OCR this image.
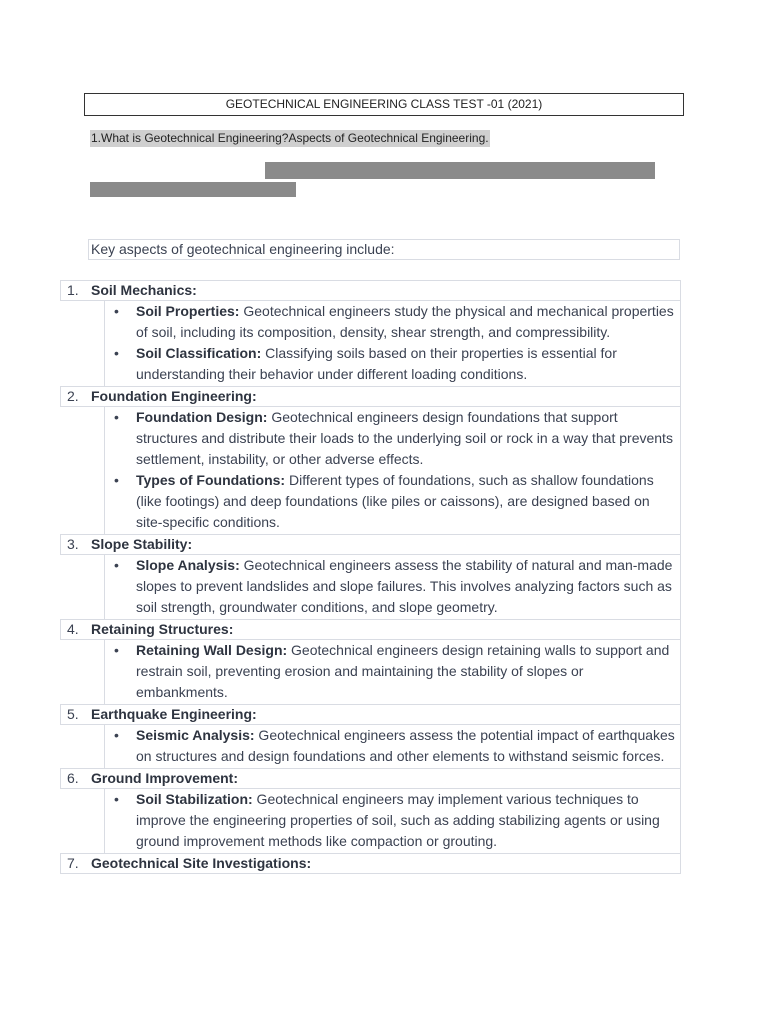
GEOTECHNICAL ENGINEERING CLASS TEST -01 (2021)
1.What is Geotechnical Engineering?Aspects of Geotechnical Engineering.
Key aspects of geotechnical engineering include:
1. Soil Mechanics:
• Soil Properties: Geotechnical engineers study the physical and mechanical properties of soil, including its composition, density, shear strength, and compressibility.
• Soil Classification: Classifying soils based on their properties is essential for understanding their behavior under different loading conditions.
2. Foundation Engineering:
• Foundation Design: Geotechnical engineers design foundations that support structures and distribute their loads to the underlying soil or rock in a way that prevents settlement, instability, or other adverse effects.
• Types of Foundations: Different types of foundations, such as shallow foundations (like footings) and deep foundations (like piles or caissons), are designed based on site-specific conditions.
3. Slope Stability:
• Slope Analysis: Geotechnical engineers assess the stability of natural and man-made slopes to prevent landslides and slope failures. This involves analyzing factors such as soil strength, groundwater conditions, and slope geometry.
4. Retaining Structures:
• Retaining Wall Design: Geotechnical engineers design retaining walls to support and restrain soil, preventing erosion and maintaining the stability of slopes or embankments.
5. Earthquake Engineering:
• Seismic Analysis: Geotechnical engineers assess the potential impact of earthquakes on structures and design foundations and other elements to withstand seismic forces.
6. Ground Improvement:
• Soil Stabilization: Geotechnical engineers may implement various techniques to improve the engineering properties of soil, such as adding stabilizing agents or using ground improvement methods like compaction or grouting.
7. Geotechnical Site Investigations:
